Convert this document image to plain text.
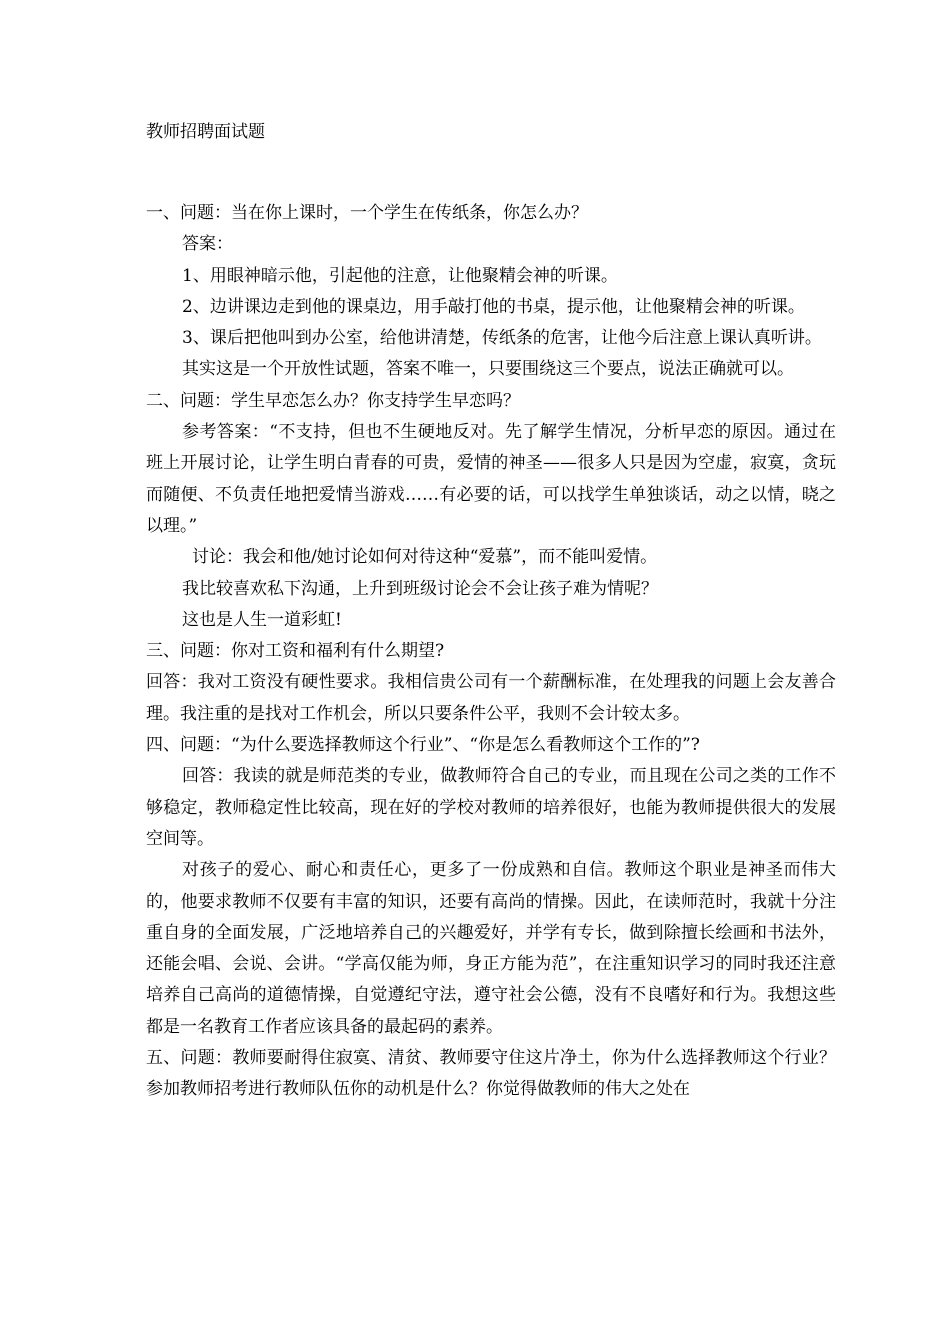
教师招聘面试题

一、问题：当在你上课时，一个学生在传纸条，你怎么办？

答案：

1、用眼神暗示他，引起他的注意，让他聚精会神的听课。

2、边讲课边走到他的课桌边，用手敲打他的书桌，提示他，让他聚精会神的听课。

3、课后把他叫到办公室，给他讲清楚，传纸条的危害，让他今后注意上课认真听讲。

其实这是一个开放性试题，答案不唯一，只要围绕这三个要点，说法正确就可以。

二、问题：学生早恋怎么办？你支持学生早恋吗？

参考答案：“不支持，但也不生硬地反对。先了解学生情况，分析早恋的原因。通过在班上开展讨论，让学生明白青春的可贵，爱情的神圣——很多人只是因为空虚，寂寞，贪玩而随便、不负责任地把爱情当游戏……有必要的话，可以找学生单独谈话，动之以情，晓之以理。”

讨论：我会和他/她讨论如何对待这种“爱慕”，而不能叫爱情。

我比较喜欢私下沟通，上升到班级讨论会不会让孩子难为情呢？

这也是人生一道彩虹!

三、问题：你对工资和福利有什么期望?

回答：我对工资没有硬性要求。我相信贵公司有一个薪酬标准，在处理我的问题上会友善合理。我注重的是找对工作机会，所以只要条件公平，我则不会计较太多。

四、问题：“为什么要选择教师这个行业”、“你是怎么看教师这个工作的”?

回答：我读的就是师范类的专业，做教师符合自己的专业，而且现在公司之类的工作不够稳定，教师稳定性比较高，现在好的学校对教师的培养很好，也能为教师提供很大的发展空间等。

对孩子的爱心、耐心和责任心，更多了一份成熟和自信。教师这个职业是神圣而伟大的，他要求教师不仅要有丰富的知识，还要有高尚的情操。因此，在读师范时，我就十分注重自身的全面发展，广泛地培养自己的兴趣爱好，并学有专长，做到除擅长绘画和书法外，还能会唱、会说、会讲。“学高仅能为师，身正方能为范”，在注重知识学习的同时我还注意培养自己高尚的道德情操，自觉遵纪守法，遵守社会公德，没有不良嗜好和行为。我想这些都是一名教育工作者应该具备的最起码的素养。

五、问题：教师要耐得住寂寞、清贫、教师要守住这片净土，你为什么选择教师这个行业？参加教师招考进行教师队伍你的动机是什么？你觉得做教师的伟大之处在
